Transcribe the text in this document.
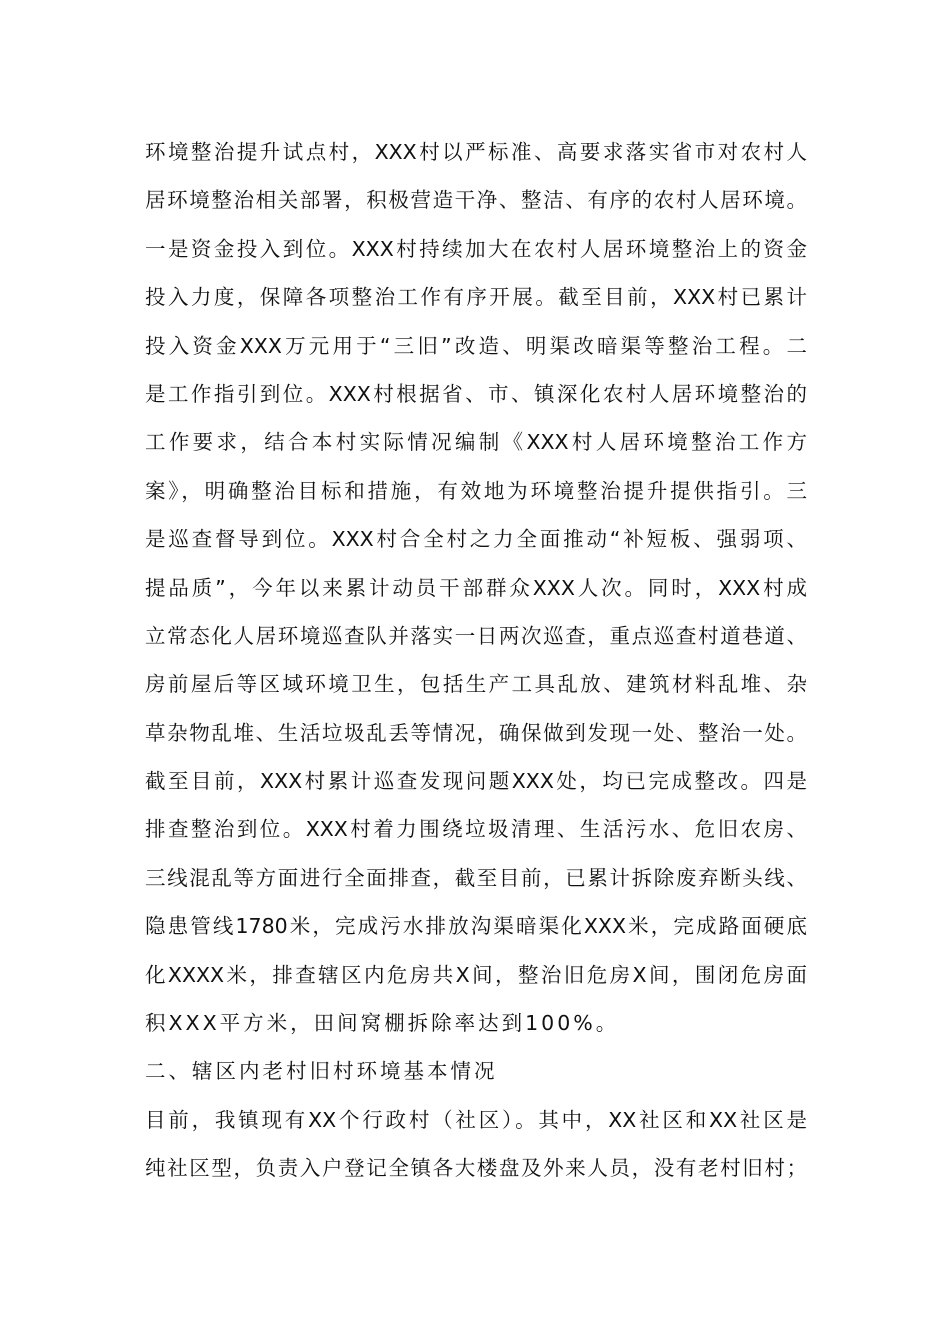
环境整治提升试点村，XXX村以严标准、高要求落实省市对农村人
居环境整治相关部署，积极营造干净、整洁、有序的农村人居环境。
一是资金投入到位。XXX村持续加大在农村人居环境整治上的资金
投入力度，保障各项整治工作有序开展。截至目前，XXX村已累计
投入资金XXX万元用于“三旧”改造、明渠改暗渠等整治工程。二
是工作指引到位。XXX村根据省、市、镇深化农村人居环境整治的
工作要求，结合本村实际情况编制《XXX村人居环境整治工作方
案》，明确整治目标和措施，有效地为环境整治提升提供指引。三
是巡查督导到位。XXX村合全村之力全面推动“补短板、强弱项、
提品质”，今年以来累计动员干部群众XXX人次。同时，XXX村成
立常态化人居环境巡查队并落实一日两次巡查，重点巡查村道巷道、
房前屋后等区域环境卫生，包括生产工具乱放、建筑材料乱堆、杂
草杂物乱堆、生活垃圾乱丢等情况，确保做到发现一处、整治一处。
截至目前，XXX村累计巡查发现问题XXX处，均已完成整改。四是
排查整治到位。XXX村着力围绕垃圾清理、生活污水、危旧农房、
三线混乱等方面进行全面排查，截至目前，已累计拆除废弃断头线、
隐患管线1780米，完成污水排放沟渠暗渠化XXX米，完成路面硬底
化XXXX米，排查辖区内危房共X间，整治旧危房X间，围闭危房面
积XXX平方米，田间窝棚拆除率达到100%。
二、辖区内老村旧村环境基本情况
目前，我镇现有XX个行政村（社区）。其中，XX社区和XX社区是
纯社区型，负责入户登记全镇各大楼盘及外来人员，没有老村旧村；
